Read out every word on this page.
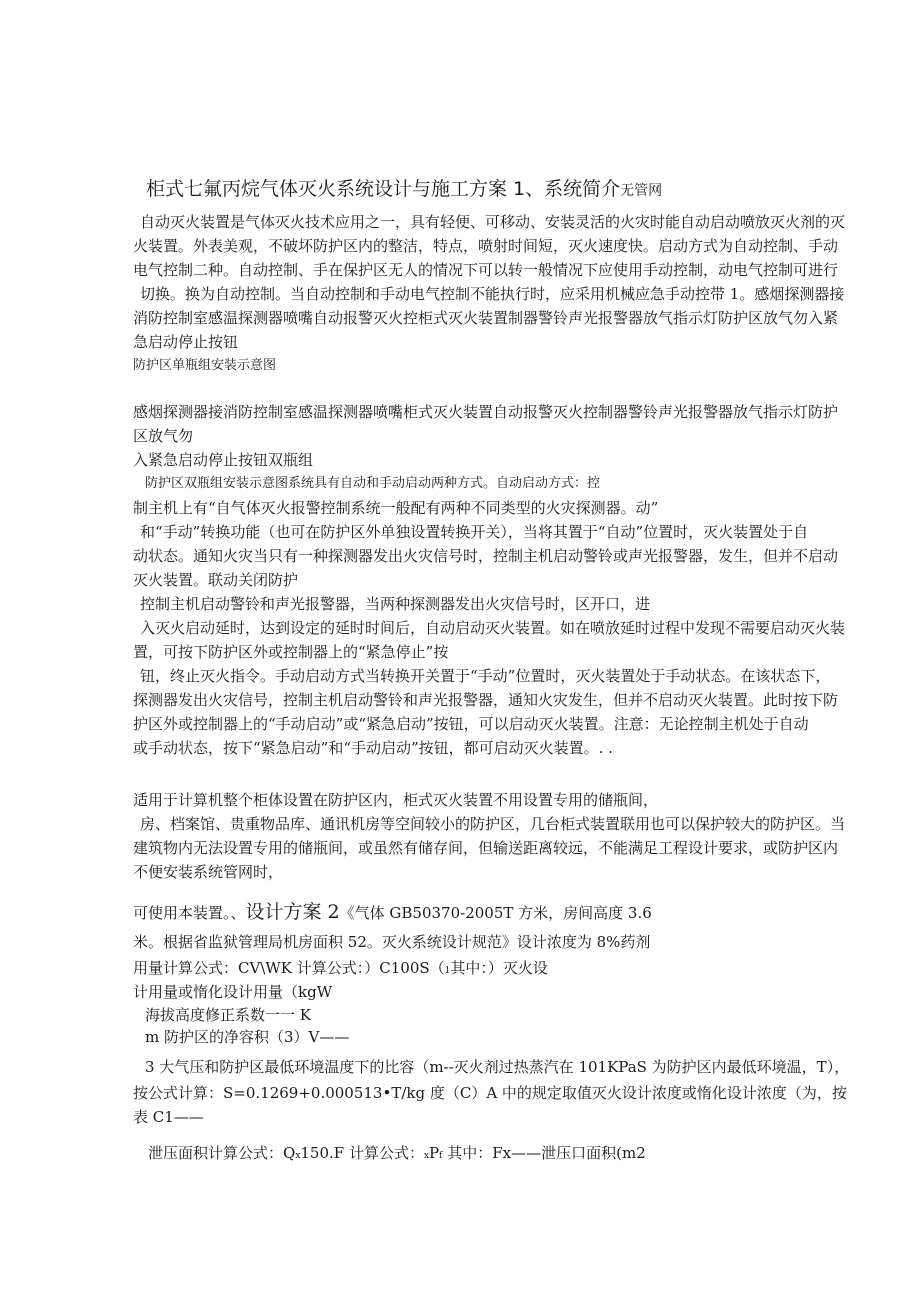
柜式七氟丙烷气体灭火系统设计与施工方案 1、系统简介无管网
自动灭火装置是气体灭火技术应用之一，具有轻便、可移动、安装灵活的火灾时能自动启动喷放灭火剂的灭
火装置。外表美观，不破坏防护区内的整洁，特点，喷射时间短，灭火速度快。启动方式为自动控制、手动
电气控制二种。自动控制、手在保护区无人的情况下可以转一般情况下应使用手动控制，动电气控制可进行
切换。换为自动控制。当自动控制和手动电气控制不能执行时，应采用机械应急手动控带 1。感烟探测器接
消防控制室感温探测器喷嘴自动报警灭火控柜式灭火装置制器警铃声光报警器放气指示灯防护区放气勿入紧
急启动停止按钮
防护区单瓶组安装示意图
感烟探测器接消防控制室感温探测器喷嘴柜式灭火装置自动报警灭火控制器警铃声光报警器放气指示灯防护
区放气勿
入紧急启动停止按钮双瓶组
防护区双瓶组安装示意图系统具有自动和手动启动两种方式。自动启动方式：控
制主机上有“自气体灭火报警控制系统一般配有两种不同类型的火灾探测器。动”
和“手动”转换功能（也可在防护区外单独设置转换开关），当将其置于“自动”位置时，灭火装置处于自
动状态。通知火灾当只有一种探测器发出火灾信号时，控制主机启动警铃或声光报警器，发生，但并不启动
灭火装置。联动关闭防护
控制主机启动警铃和声光报警器，当两种探测器发出火灾信号时，区开口，进
入灭火启动延时，达到设定的延时时间后，自动启动灭火装置。如在喷放延时过程中发现不需要启动灭火装
置，可按下防护区外或控制器上的“紧急停止”按
钮，终止灭火指令。手动启动方式当转换开关置于“手动”位置时，灭火装置处于手动状态。在该状态下，
探测器发出火灾信号，控制主机启动警铃和声光报警器，通知火灾发生，但并不启动灭火装置。此时按下防
护区外或控制器上的“手动启动”或“紧急启动”按钮，可以启动灭火装置。注意：无论控制主机处于自动
或手动状态，按下“紧急启动”和“手动启动”按钮，都可启动灭火装置。. .
适用于计算机整个柜体设置在防护区内，柜式灭火装置不用设置专用的储瓶间，
房、档案馆、贵重物品库、通讯机房等空间较小的防护区，几台柜式装置联用也可以保护较大的防护区。当
建筑物内无法设置专用的储瓶间，或虽然有储存间，但输送距离较远，不能满足工程设计要求，或防护区内
不便安装系统管网时，
可使用本装置。、设计方案 2《气体 GB50370-2005T 方米，房间高度 3.6
米。根据省监狱管理局机房面积 52。灭火系统设计规范》设计浓度为 8%药剂
用量计算公式：CV\WK 计算公式：）C100S（1其中：）灭火设
计用量或惰化设计用量（kgW
海拔高度修正系数一一 K
m 防护区的净容积（3）V——
3 大气压和防护区最低环境温度下的比容（m--灭火剂过热蒸汽在 101KPaS 为防护区内最低环境温，T），
按公式计算：S=0.1269+0.000513•T/kg 度（C）A 中的规定取值灭火设计浓度或惰化设计浓度（为，按
表 C1——
泄压面积计算公式：Qx150.F 计算公式：xPf 其中：Fx——泄压口面积(m2
